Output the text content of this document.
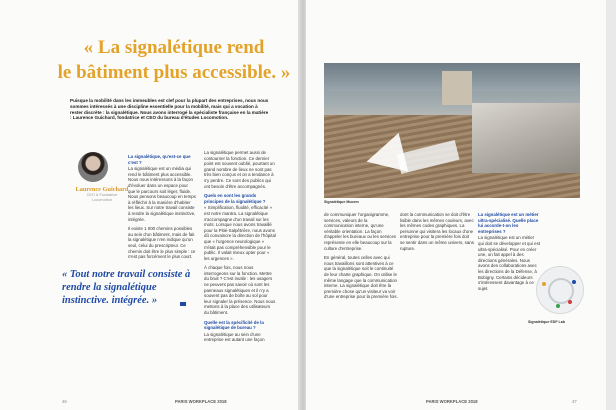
« La signalétique rend
le bâtiment plus accessible. »

Puisque la mobilité dans les immeubles est clef pour la plupart des entreprises, nous nous sommes intéressés à une discipline essentielle pour la mobilité, mais qui a vocation à rester discrète : la signalétique. Nous avons interrogé la spécialiste française en la matière : Laurence Guichard, fondatrice et CEO du bureau d'études Locomotion.

Laurence Guichard
CEO & Fondatrice
Locomotion

La signalétique, qu'est-ce que c'est ?

La signalétique est un média qui rend le bâtiment plus accessible. Nous nous intéressons à la façon d'évoluer dans un espace pour que le parcours soit léger, fluide. Nous pensons beaucoup en temps à réfléchir à la manière d'habiter les lieux. Sur notre travail consiste à rendre la signalétique instinctive, intégrée.

Il existe 1 000 chemins possibles au sein d'un bâtiment, mais de fait la signalétique n'en indique qu'un seul, celui du prescripteur. Ce chemin doit être le plus simple : ce n'est pas forcément le plus court.

La signalétique permet aussi de contourner la fonction. Ce dernier point est souvent oublié, pourtant un grand nombre de lieux ne sont pas très bien conçus et on a tendance à s'y perdre. Ce sont des publics qui ont besoin d'être accompagnés.

Quels en sont les grands principes de la signalétique ?

« Simplification, fluidité, efficacité » est notre mantra. La signalétique s'accompagne d'un travail sur les mots. Lorsque nous avons travaillé pour la Pitié-Salpêtrière, nous avons dû convaincre la direction de l'hôpital que « l'urgence neurologique » n'était pas compréhensible pour le public. Il valait mieux opter pour « les urgences ».

À chaque fois, nous nous interrogeons sur la fonction. Mettre du bruit ? C'est inutile : les usagers ne peuvent pas savoir où sont les panneaux signalétiques et il n'y a souvent pas de boîte au sol pour leur signaler la présence. Nous nous mettons à la place des utilisateurs du bâtiment.

Quelle est la spécificité de la signalétique de bureau ?

La signalétique au sein d'une entreprise est autant une façon

« Tout notre travail consiste à rendre la signalétique instinctive. intégrée. »
46	PARIS WORKPLACE 2018
Signalétique Mucem

de communiquer l'organigramme, services, valeurs de la communication interne, qu'une véritable orientation. La façon d'appeler les bureaux ou les services représente en elle beaucoup sur la culture d'entreprise.

En général, toutes celles avec qui nous travaillons sont attentives à ce que la signalétique soit le continuité de leur charte graphique. On utilise le même langage que la communication interne. La signalétique doit être la première chose qu'un visiteur va voir d'une entreprise pour la première fois.

dont la communication se doit d'être lisible dans les mêmes couleurs, avec les mêmes codes graphiques. La personne qui visitera les locaux d'une entreprise pour la première fois doit se sentir dans un même univers, sans rupture.

La signalétique est un métier ultra-spécialisé. Quelle place lui accorde-t-on les entreprises ?

La signalétique est un métier qui doit se développer et qui est ultra-spécialisé. Pour en créer une, on fait appel à des directions générales. Nous avons des collaborations avec les directions de la Défense, à Bobigny. Certains décideurs s'intéressent davantage à ce sujet.

Signalétique EDF Lab
PARIS WORKPLACE 2018	47
